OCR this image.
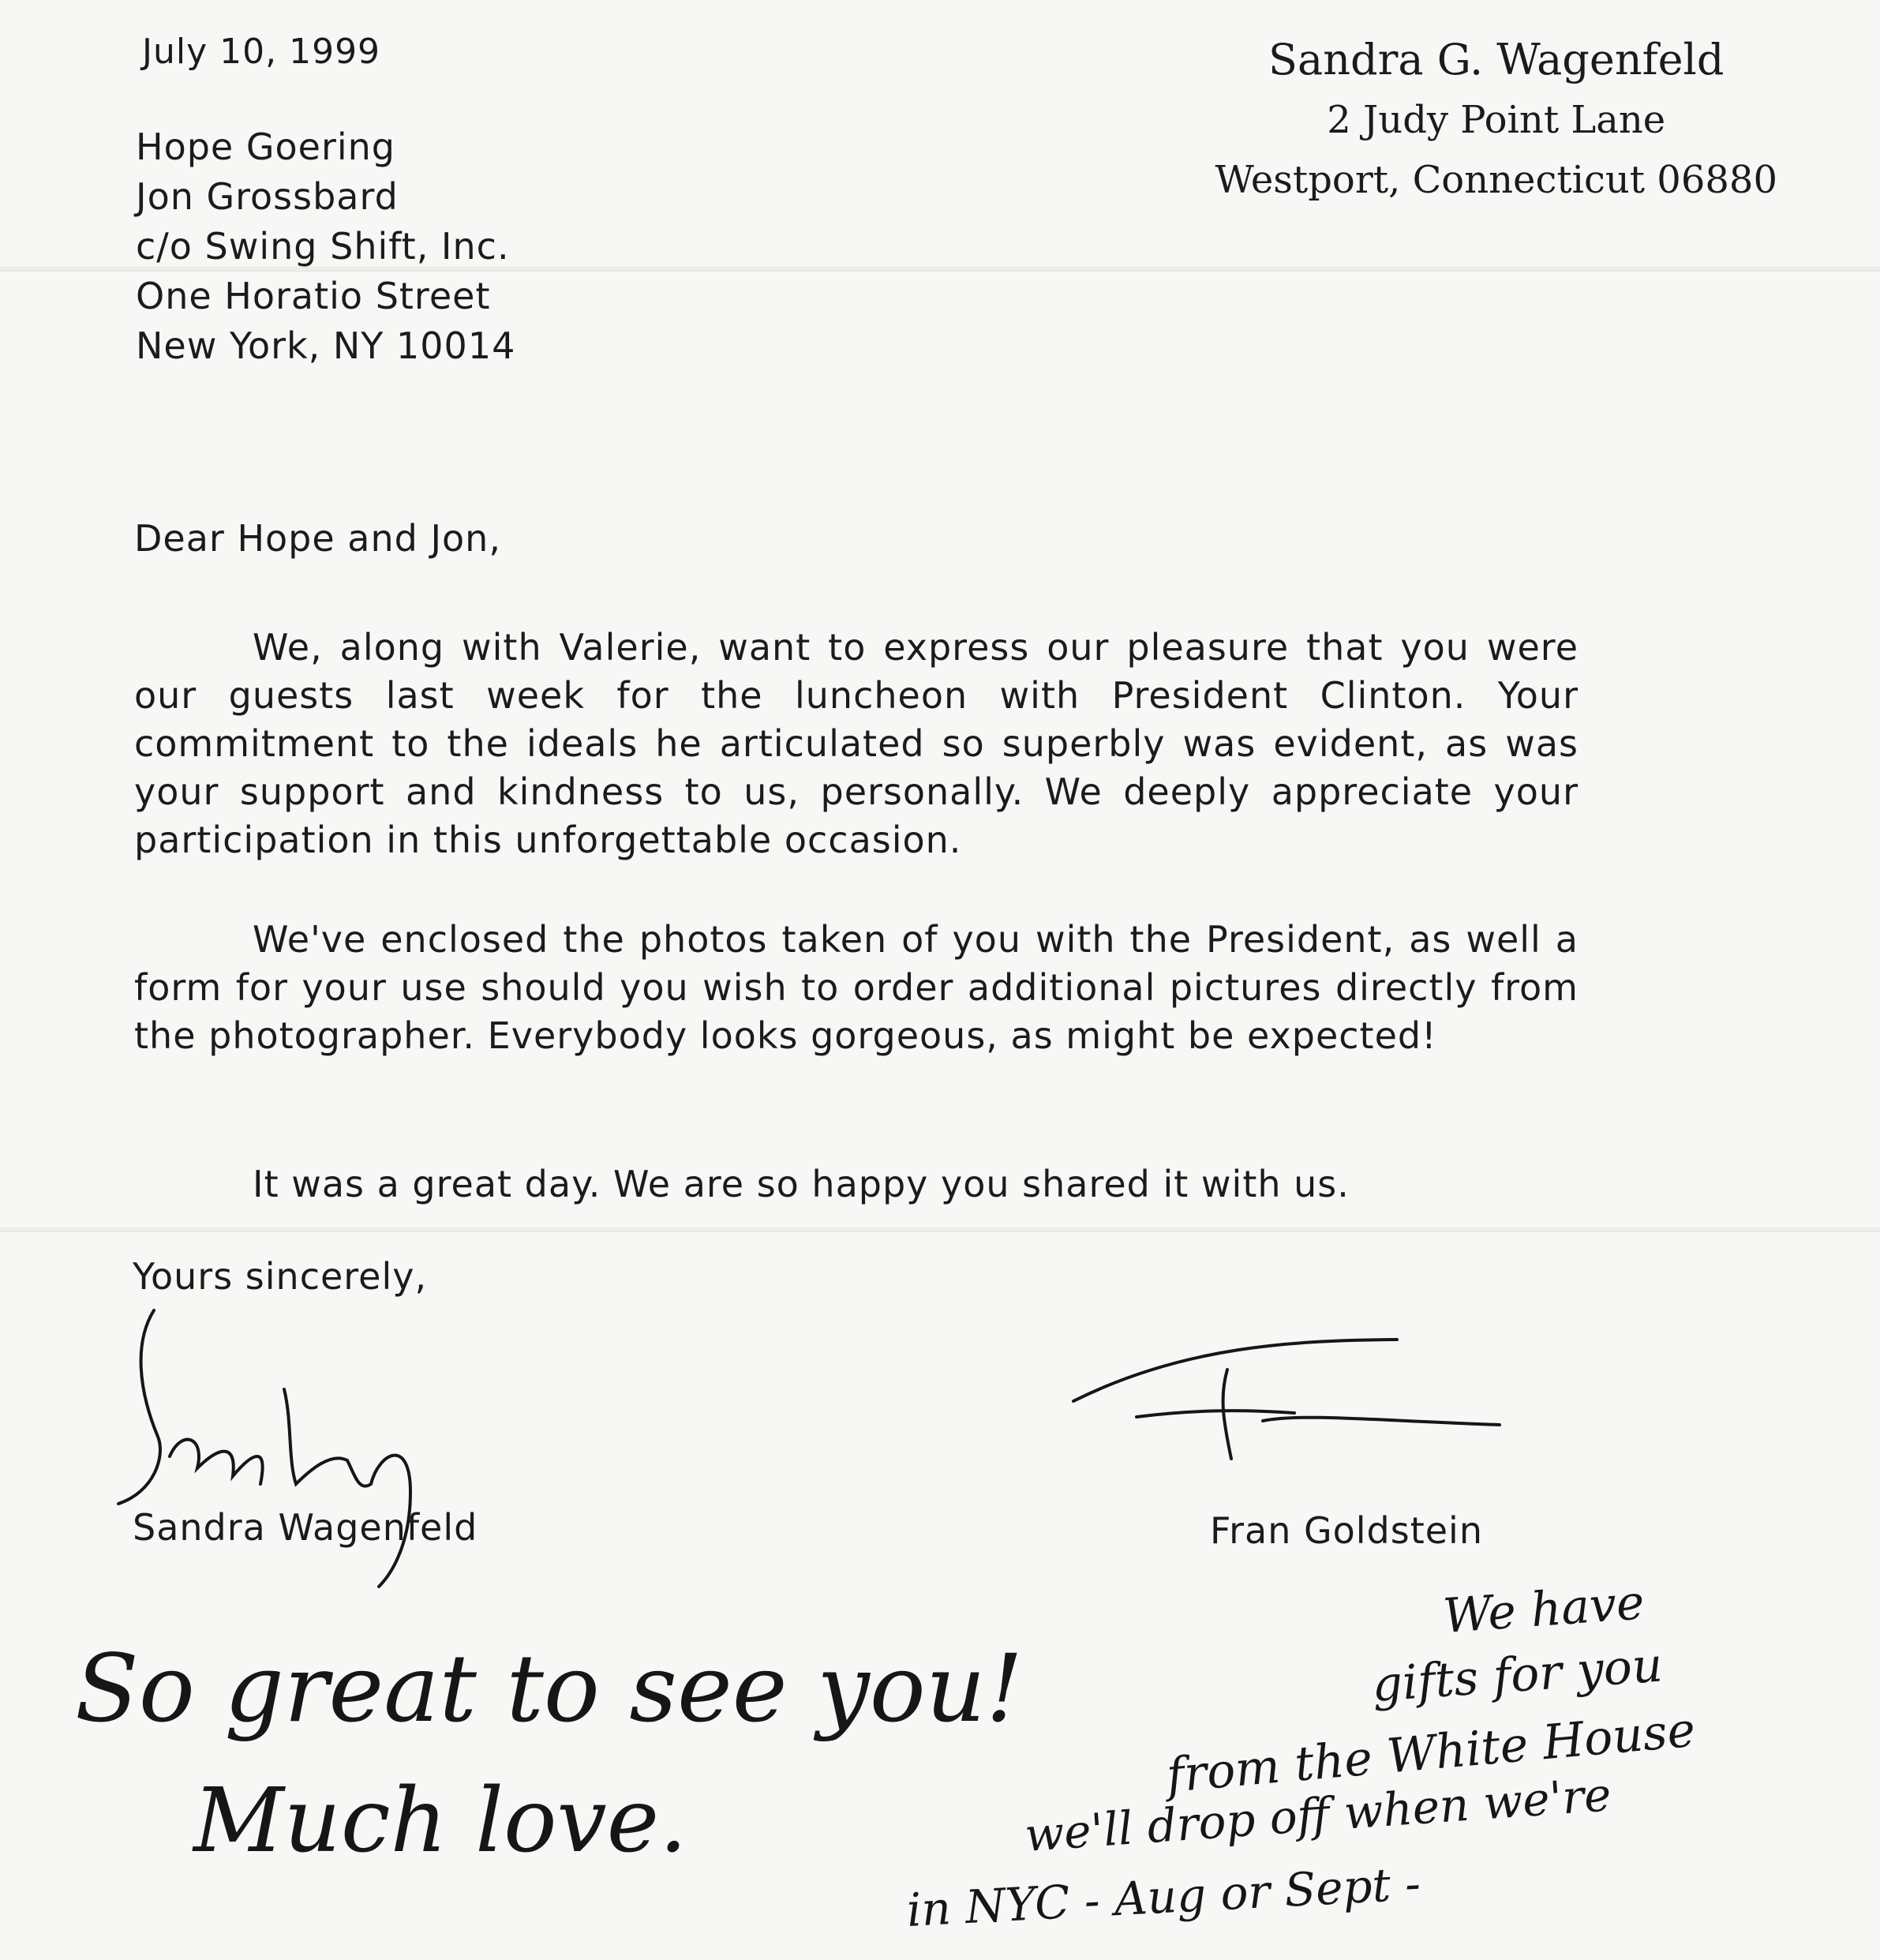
July 10, 1999	Sandra G. Wagenfeld
2 Judy Point Lane
Westport, Connecticut 06880
Hope Goering
Jon Grossbard
c/o Swing Shift, Inc.
One Horatio Street
New York, NY 10014
Dear Hope and Jon,

We, along with Valerie, want to express our pleasure that you were our guests last week for the luncheon with President Clinton. Your commitment to the ideals he articulated so superbly was evident, as was your support and kindness to us, personally. We deeply appreciate your participation in this unforgettable occasion.

We've enclosed the photos taken of you with the President, as well a form for your use should you wish to order additional pictures directly from the photographer. Everybody looks gorgeous, as might be expected!

It was a great day. We are so happy you shared it with us.

Yours sincerely,
Sandra Wagenfeld	Fran Goldstein
So great to see you!
Much love.
We have
gifts for you
from the White House
we'll drop off when we're
in NYC - Aug or Sept -
